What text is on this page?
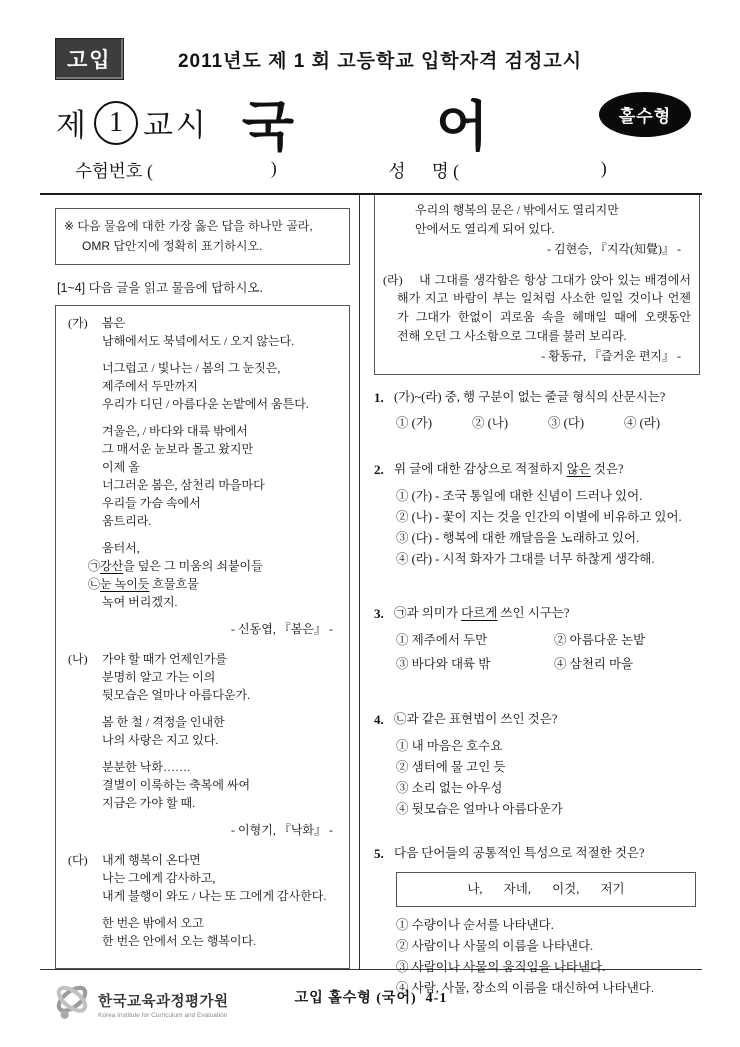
고입	2011년도 제 1 회 고등학교 입학자격 검정고시
제 1 교시 국	어	홀수형
수험번호 (	)	성      명 (	)
※ 다음 물음에 대한 가장 옳은 답을 하나만 골라, OMR 답안지에 정확히 표기하시오.
[1~4] 다음 글을 읽고 물음에 답하시오.
(가) 봄은
남해에서도 북녘에서도 / 오지 않는다.
너그럽고 / 빛나는 / 봄의 그 눈짓은,
제주에서 두만까지
우리가 디딘 / 아름다운 논밭에서 움튼다.
겨울은, / 바다와 대륙 밖에서
그 매서운 눈보라 몰고 왔지만
이제 올
너그러운 봄은, 삼천리 마을마다
우리들 가슴 속에서
움트리라.
움터서,
㉠강산을 덮은 그 미움의 쇠붙이들
㉡눈 녹이듯 흐물흐물
녹여 버리겠지.
- 신동엽, 『봄은』 -
(나) 가야 할 때가 언제인가를
분명히 알고 가는 이의
뒷모습은 얼마나 아름다운가.
봄 한 철 / 격정을 인내한
나의 사랑은 지고 있다.
분분한 낙화…….
결별이 이룩하는 축복에 싸여
지금은 가야 할 때.
- 이형기, 『낙화』 -
(다) 내게 행복이 온다면
나는 그에게 감사하고,
내게 불행이 와도 / 나는 또 그에게 감사한다.
한 번은 밖에서 오고
한 번은 안에서 오는 행복이다.
우리의 행복의 문은 / 밖에서도 열리지만
안에서도 열리게 되어 있다.
- 김현승, 『지각(知覺)』 -
(라)	내 그대를 생각함은 항상 그대가 앉아 있는 배경에서
해가 지고 바람이 부는 일처럼 사소한 일일 것이나 언젠
가 그대가 한없이 괴로움 속을 헤매일 때에 오랫동안
전해 오던 그 사소함으로 그대를 불러 보리라.
- 황동규, 『즐거운 편지』 -
1. (가)~(라) 중, 행 구분이 없는 줄글 형식의 산문시는?
① (가)	② (나)	③ (다)	④ (라)
2. 위 글에 대한 감상으로 적절하지 않은 것은?
① (가) - 조국 통일에 대한 신념이 드러나 있어.
② (나) - 꽃이 지는 것을 인간의 이별에 비유하고 있어.
③ (다) - 행복에 대한 깨달음을 노래하고 있어.
④ (라) - 시적 화자가 그대를 너무 하찮게 생각해.
3. ㉠과 의미가 다르게 쓰인 시구는?
① 제주에서 두만	② 아름다운 논밭
③ 바다와 대륙 밖	④ 삼천리 마을
4. ㉡과 같은 표현법이 쓰인 것은?
① 내 마음은 호수요
② 샘터에 물 고인 듯
③ 소리 없는 아우성
④ 뒷모습은 얼마나 아름다운가
5. 다음 단어들의 공통적인 특성으로 적절한 것은?
나, 자네, 이것, 저기
① 수량이나 순서를 나타낸다.
② 사람이나 사물의 이름을 나타낸다.
③ 사람이나 사물의 움직임을 나타낸다.
④ 사람, 사물, 장소의 이름을 대신하여 나타낸다.
한국교육과정평가원
Korea Institute for Curriculum and Evaluation
고입 홀수형 (국어)  4-1
